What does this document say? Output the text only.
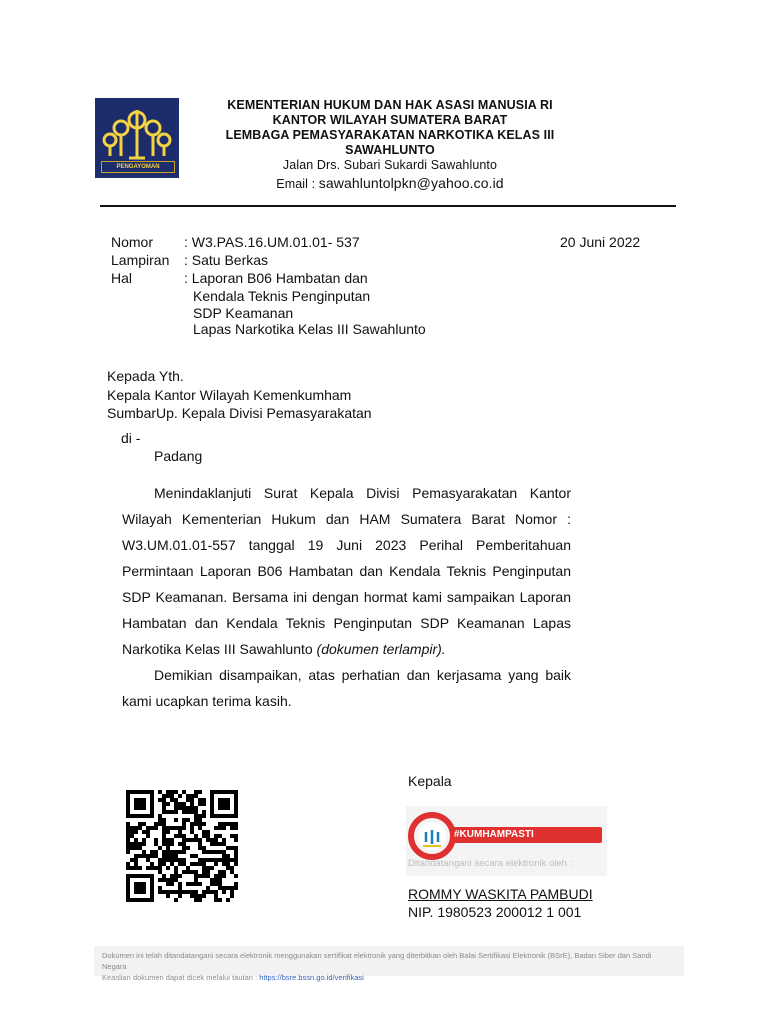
PENGAYOMAN
KEMENTERIAN HUKUM DAN HAK ASASI MANUSIA RI
KANTOR WILAYAH SUMATERA BARAT
LEMBAGA PEMASYARAKATAN NARKOTIKA KELAS III
SAWAHLUNTO
Jalan Drs. Subari Sukardi Sawahlunto
Email : sawahluntolpkn@yahoo.co.id
Nomor : W3.PAS.16.UM.01.01- 537	20 Juni 2022
Lampiran : Satu Berkas
Hal	: Laporan B06 Hambatan dan
Kendala Teknis Penginputan
SDP Keamanan
Lapas Narkotika Kelas III Sawahlunto
Kepada Yth.
Kepala Kantor Wilayah Kemenkumham
SumbarUp. Kepala Divisi Pemasyarakatan
di -
Padang

Menindaklanjuti Surat Kepala Divisi Pemasyarakatan Kantor Wilayah Kementerian Hukum dan HAM Sumatera Barat Nomor : W3.UM.01.01-557 tanggal 19 Juni 2023 Perihal Pemberitahuan Permintaan Laporan B06 Hambatan dan Kendala Teknis Penginputan SDP Keamanan. Bersama ini dengan hormat kami sampaikan Laporan Hambatan dan Kendala Teknis Penginputan SDP Keamanan Lapas Narkotika Kelas III Sawahlunto (dokumen terlampir).

Demikian disampaikan, atas perhatian dan kerjasama yang baik kami ucapkan terima kasih.

Kepala
#KUMHAMPASTI
Ditandatangani secara elektronik oleh :
ROMMY WASKITA PAMBUDI
NIP. 1980523 200012 1 001
Dokumen ini telah ditandatangani secara elektronik menggunakan sertifikat elektronik yang diterbitkan oleh Balai Sertifikasi Elektronik (BSrE), Badan Siber dan Sandi Negara
Keaslian dokumen dapat dicek melalui tautan : https://bsre.bssn.go.id/verifikasi
